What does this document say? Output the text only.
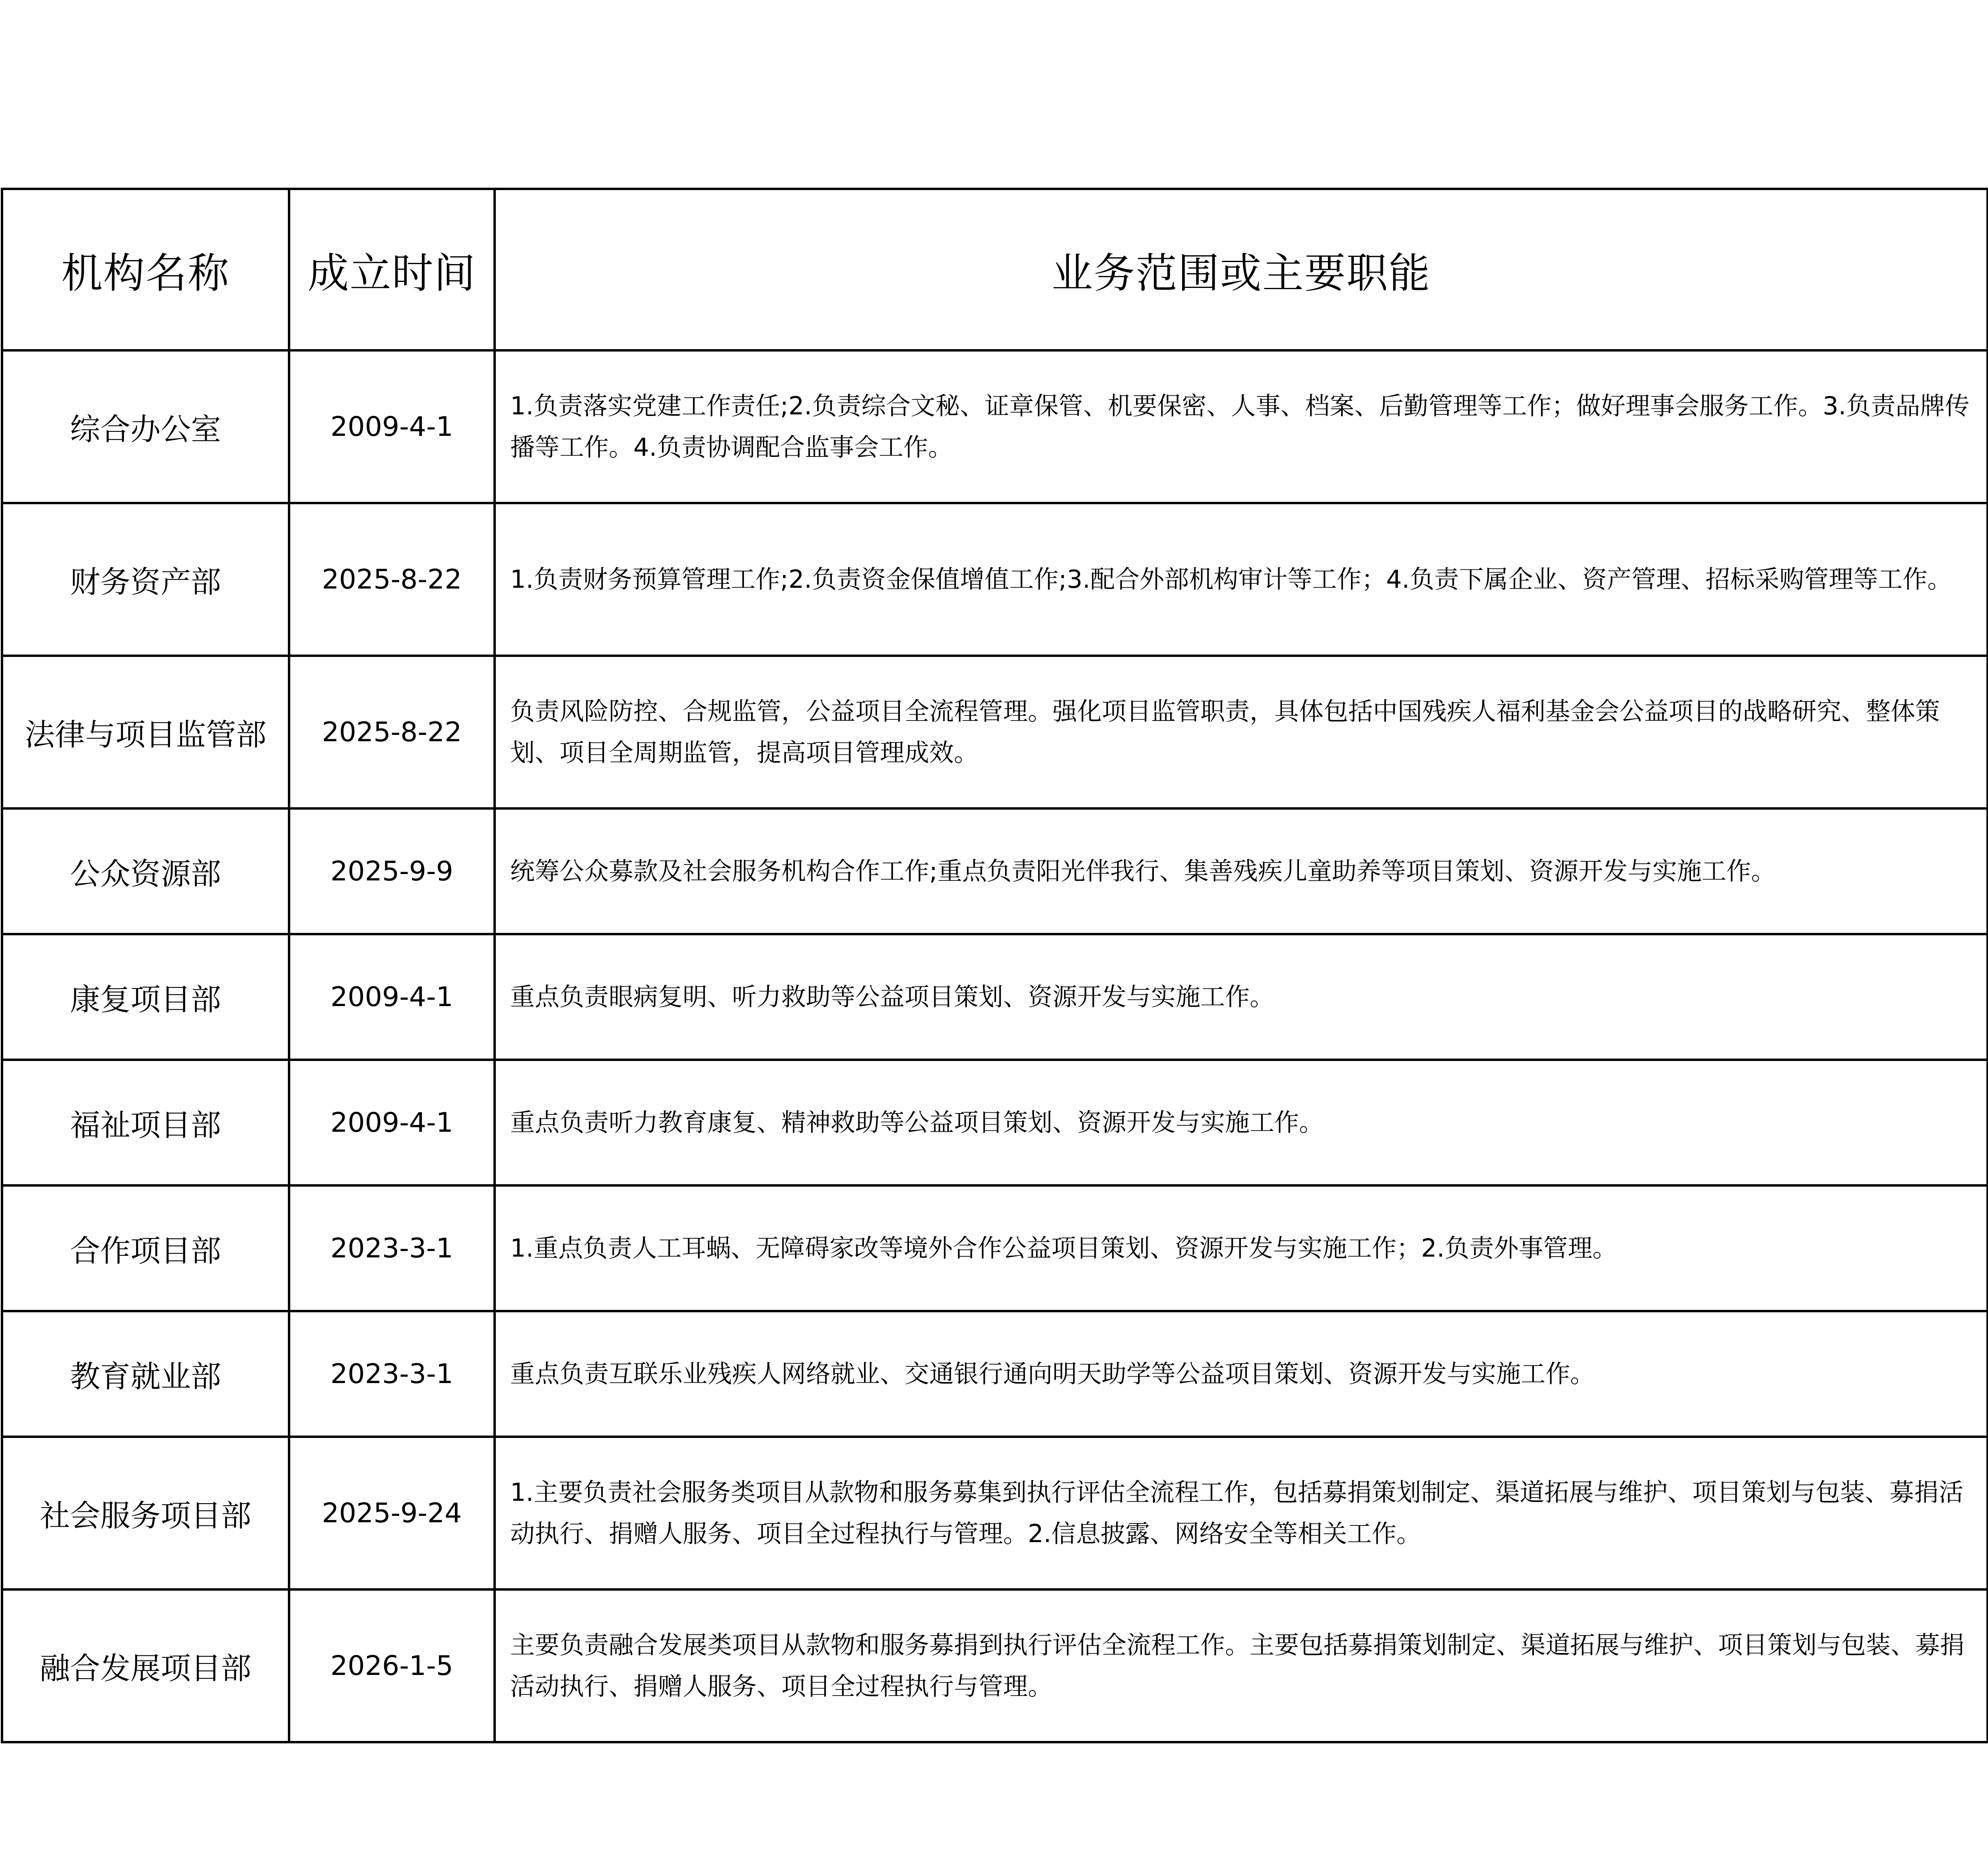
机构名称	成立时间	业务范围或主要职能
综合办公室	2009-4-1	1.负责落实党建工作责任;2.负责综合文秘、证章保管、机要保密、人事、档案、后勤管理等工作；做好理事会服务工作。3.负责品牌传播等工作。4.负责协调配合监事会工作。
财务资产部	2025-8-22	1.负责财务预算管理工作;2.负责资金保值增值工作;3.配合外部机构审计等工作；4.负责下属企业、资产管理、招标采购管理等工作。
法律与项目监管部	2025-8-22	负责风险防控、合规监管，公益项目全流程管理。强化项目监管职责，具体包括中国残疾人福利基金会公益项目的战略研究、整体策划、项目全周期监管，提高项目管理成效。
公众资源部	2025-9-9	统筹公众募款及社会服务机构合作工作;重点负责阳光伴我行、集善残疾儿童助养等项目策划、资源开发与实施工作。
康复项目部	2009-4-1	重点负责眼病复明、听力救助等公益项目策划、资源开发与实施工作。
福祉项目部	2009-4-1	重点负责听力教育康复、精神救助等公益项目策划、资源开发与实施工作。
合作项目部	2023-3-1	1.重点负责人工耳蜗、无障碍家改等境外合作公益项目策划、资源开发与实施工作；2.负责外事管理。
教育就业部	2023-3-1	重点负责互联乐业残疾人网络就业、交通银行通向明天助学等公益项目策划、资源开发与实施工作。
社会服务项目部	2025-9-24	1.主要负责社会服务类项目从款物和服务募集到执行评估全流程工作，包括募捐策划制定、渠道拓展与维护、项目策划与包装、募捐活动执行、捐赠人服务、项目全过程执行与管理。2.信息披露、网络安全等相关工作。
融合发展项目部	2026-1-5	主要负责融合发展类项目从款物和服务募捐到执行评估全流程工作。主要包括募捐策划制定、渠道拓展与维护、项目策划与包装、募捐活动执行、捐赠人服务、项目全过程执行与管理。
